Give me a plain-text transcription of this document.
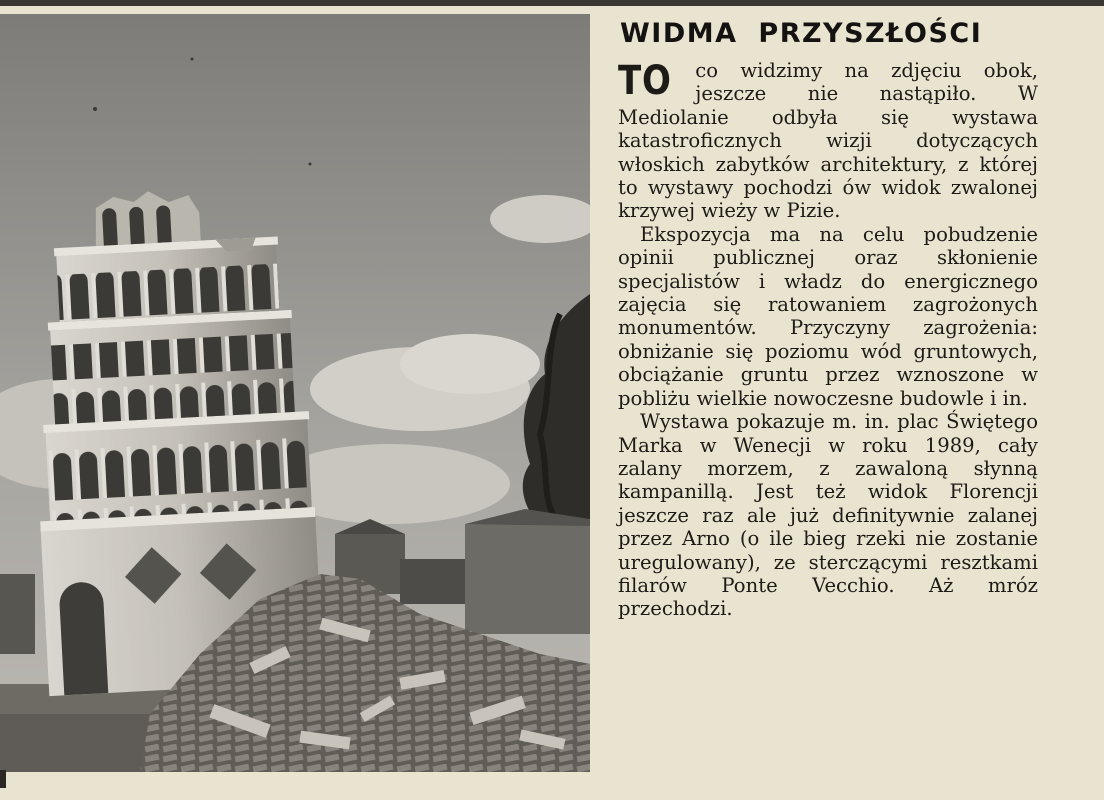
WIDMA PRZYSZŁOŚCI

TO co widzimy na zdjęciu obok, jeszcze nie nastąpiło. W Mediolanie odbyła się wystawa katastroficznych wizji dotyczących włoskich zabytków architektury, z której to wystawy pochodzi ów widok zwalonej krzywej wieży w Pizie.

Ekspozycja ma na celu pobudzenie opinii publicznej oraz skłonienie specjalistów i władz do energicznego zajęcia się ratowaniem zagrożonych monumentów. Przyczyny zagrożenia: obniżanie się poziomu wód gruntowych, obciążanie gruntu przez wznoszone w pobliżu wielkie nowoczesne budowle i in.

Wystawa pokazuje m. in. plac Świętego Marka w Wenecji w roku 1989, cały zalany morzem, z zawaloną słynną kampanillą. Jest też widok Florencji jeszcze raz ale już definitywnie zalanej przez Arno (o ile bieg rzeki nie zostanie uregulowany), ze sterczącymi resztkami filarów Ponte Vecchio. Aż mróz przechodzi.
